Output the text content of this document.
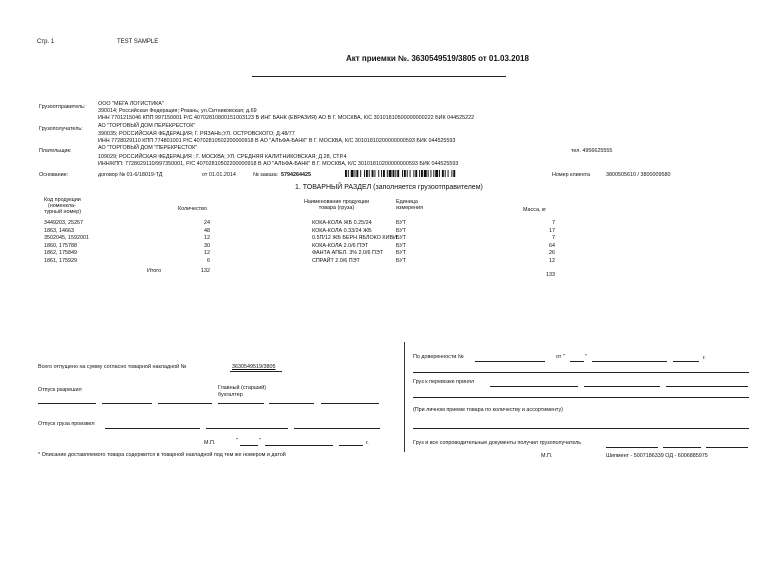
Стр. 1	TEST SAMPLE
Акт приемки №. 3630549519/3805 от 01.03.2018
Грузоотправитель: ООО "МЕГА ЛОГИСТИКА"
390014; Российская Федерация; Рязань; ул.Ситниковская; д.69
ИНН 7701215046 КПП 997150001 Р/С 40702810800151003123 В ИНГ БАНК (ЕВРАЗИЯ) АО В Г. МОСКВА, К/С 30101810500000000222 БИК 044525222
Грузополучатель:	АО "ТОРГОВЫЙ ДОМ ПЕРЕКРЕСТОК"
390035; РОССИЙСКАЯ ФЕДЕРАЦИЯ; Г. РЯЗАНЬ;УЛ. ОСТРОВСКОГО; Д.48/77
ИНН 7728029110 КПП 774801001 Р/С 40702810502200000918 В АО "АЛЬФА-БАНК" В Г. МОСКВА, К/С 30101810200000000593 БИК 044525593
Плательщик:	АО "ТОРГОВЫЙ ДОМ "ПЕРЕКРЕСТОК"
109029; РОССИЙСКАЯ ФЕДЕРАЦИЯ ; Г. МОСКВА; УЛ. СРЕДНЯЯ КАЛИТНИКОВСКАЯ; Д.28, СТР.4
ИНН/КПП: 7728029110/997350001, Р/С 40702810502200000918 В АО "АЛЬФА-БАНК" В Г. МОСКВА, К/С 30101810200000000593 БИК 044525593
тел. 4956625555
Основание:	договор № 01-6/18019-ТД	от 01.01.2014	№ заказа: 5794264425	Номер клиента	3800505610 / 3800009580
1. ТОВАРНЫЙ РАЗДЕЛ (заполняется грузоотправителем)
Код продукции
(номенкла-
турный номер)	Количество
Наименование продукции
товара (груза)
Единица
измерения	Масса, кг
3449203, 25257	24	КОКА-КОЛА ЖБ 0.25/24	БУТ	7
1863, 14663	48	КОКА-КОЛА 0.33/24 ЖБ	БУТ	17
3502045, 1592001	12	0.5П/12 ЖБ БЕРН ЯБЛОКО КИВИ БУТ	7
1860, 175788	30	КОКА-КОЛА 2.0/6 ПЭТ	БУТ	64
1862, 175849	12	ФАНТА АПЕЛ. 3% 2.0/6 ПЭТ БУТ	26
1861, 175929	6	СПРАЙТ 2.0/6 ПЭТ	БУТ	12
Итого	132
133
Всего отпущено на сумму согласно товарной накладной №	3630549519/3805
Отпуск разрешил	Главный (старший)
бухгалтер
Отпуск груза произвел
М.П.	"	"	г.
* Описание доставляемого товара содержится в товарной накладной под тем же номером и датой
По доверенности №	от "	"	г.
Груз к перевозке принял
(При личном приеме товара по количеству и ассортименту)
Груз и все сопроводительные документы получил грузополучатель
М.П.	Шипмент - 5007186339 ОД - 6006885975
